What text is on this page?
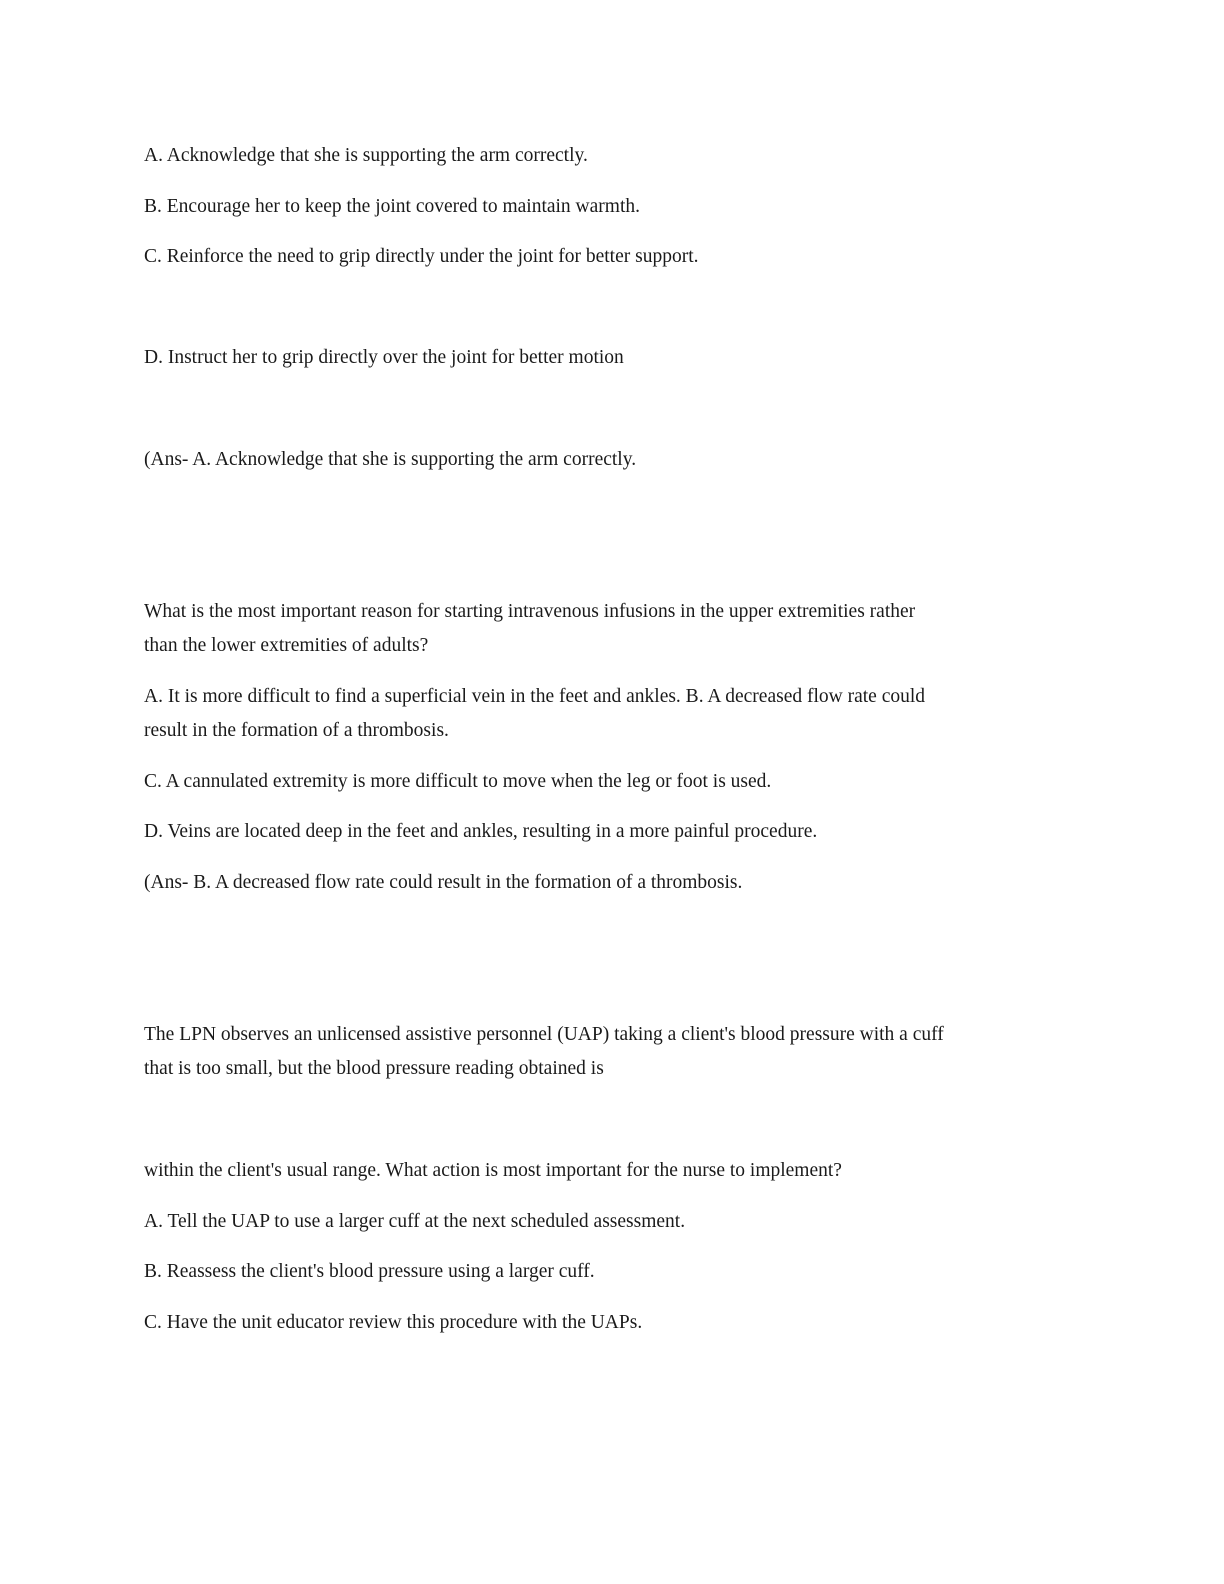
A. Acknowledge that she is supporting the arm correctly.
B. Encourage her to keep the joint covered to maintain warmth.
C. Reinforce the need to grip directly under the joint for better support.
D. Instruct her to grip directly over the joint for better motion
(Ans- A. Acknowledge that she is supporting the arm correctly.
What is the most important reason for starting intravenous infusions in the upper extremities rather
than the lower extremities of adults?
A. It is more difficult to find a superficial vein in the feet and ankles. B. A decreased flow rate could
result in the formation of a thrombosis.
C. A cannulated extremity is more difficult to move when the leg or foot is used.
D. Veins are located deep in the feet and ankles, resulting in a more painful procedure.
(Ans- B. A decreased flow rate could result in the formation of a thrombosis.
The LPN observes an unlicensed assistive personnel (UAP) taking a client's blood pressure with a cuff
that is too small, but the blood pressure reading obtained is
within the client's usual range. What action is most important for the nurse to implement?
A. Tell the UAP to use a larger cuff at the next scheduled assessment.
B. Reassess the client's blood pressure using a larger cuff.
C. Have the unit educator review this procedure with the UAPs.
